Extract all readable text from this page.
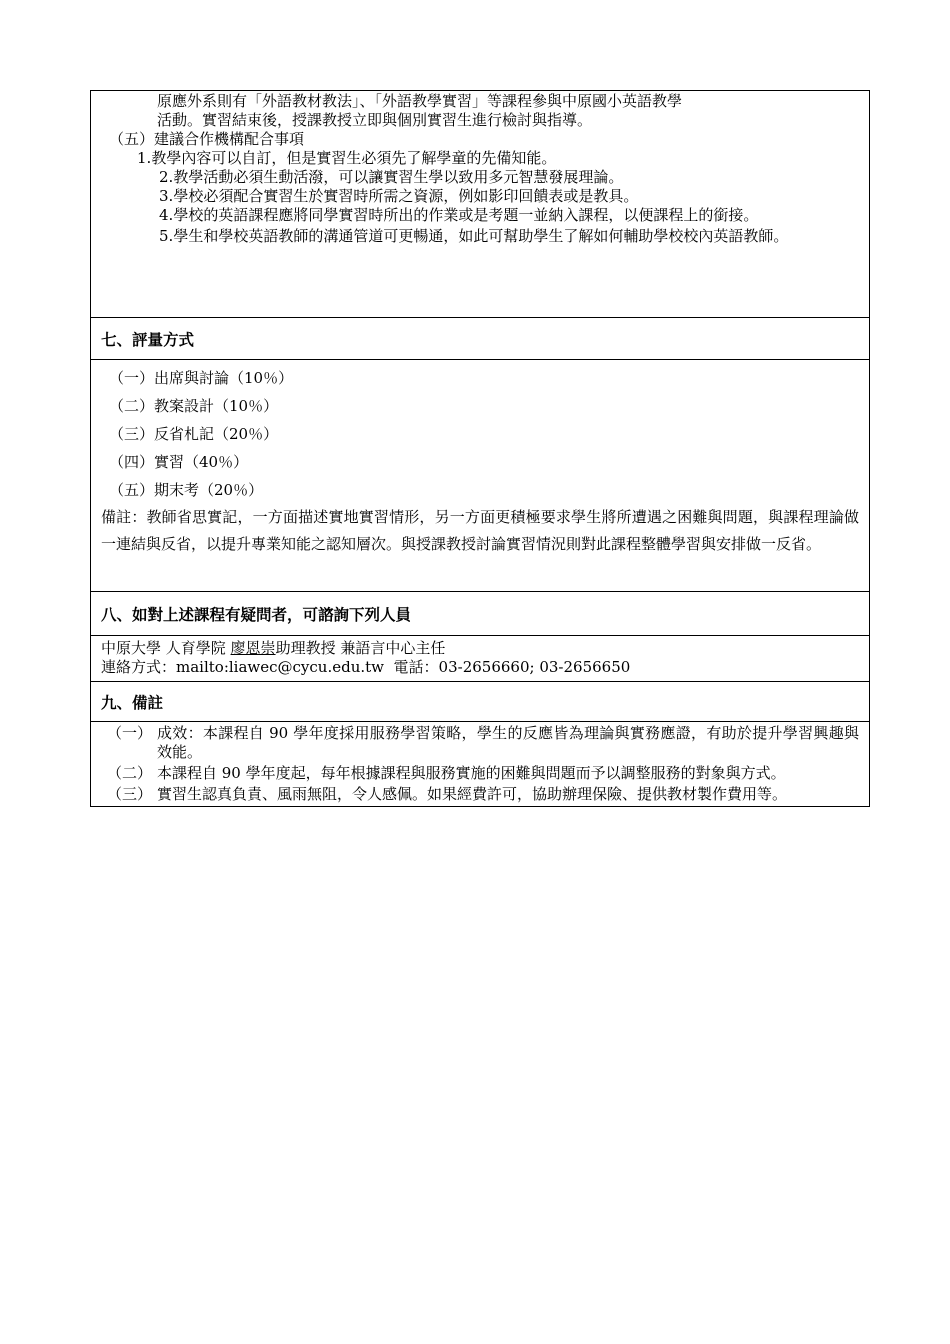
原應外系則有「外語教材教法」、「外語教學實習」等課程參與中原國小英語教學
活動。實習結束後，授課教授立即與個別實習生進行檢討與指導。
（五）建議合作機構配合事項
1.教學內容可以自訂，但是實習生必須先了解學童的先備知能。
2.教學活動必須生動活潑，可以讓實習生學以致用多元智慧發展理論。
3.學校必須配合實習生於實習時所需之資源，例如影印回饋表或是教具。
4.學校的英語課程應將同學實習時所出的作業或是考題一並納入課程，以便課程上的銜接。
5.學生和學校英語教師的溝通管道可更暢通，如此可幫助學生了解如何輔助學校校內英語教師。
七、評量方式
（一）出席與討論（10％）
（二）教案設計（10％）
（三）反省札記（20％）
（四）實習（40％）
（五）期末考（20％）
備註：教師省思實記，一方面描述實地實習情形，另一方面更積極要求學生將所遭遇之困難與問題，與課程理論做一連結與反省，以提升專業知能之認知層次。與授課教授討論實習情況則對此課程整體學習與安排做一反省。
八、如對上述課程有疑問者，可諮詢下列人員
中原大學 人育學院 廖恩崇助理教授 兼語言中心主任
連絡方式：mailto:liawec@cycu.edu.tw  電話：03-2656660; 03-2656650
九、備註
（一） 成效：本課程自 90 學年度採用服務學習策略，學生的反應皆為理論與實務應證，有助於提升學習興趣與效能。
（二） 本課程自 90 學年度起，每年根據課程與服務實施的困難與問題而予以調整服務的對象與方式。
（三） 實習生認真負責、風雨無阻，令人感佩。如果經費許可，協助辦理保險、提供教材製作費用等。
